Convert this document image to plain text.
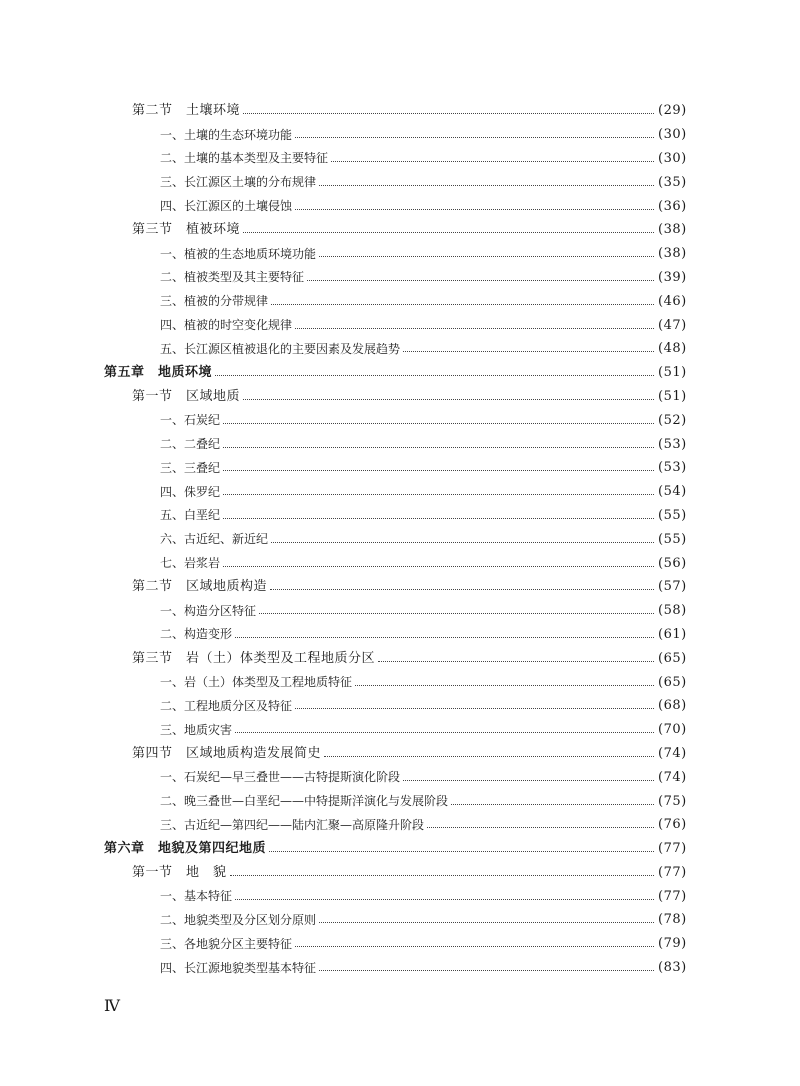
第二节　土壤环境	(29)
一、土壤的生态环境功能	(30)
二、土壤的基本类型及主要特征	(30)
三、长江源区土壤的分布规律	(35)
四、长江源区的土壤侵蚀	(36)
第三节　植被环境	(38)
一、植被的生态地质环境功能	(38)
二、植被类型及其主要特征	(39)
三、植被的分带规律	(46)
四、植被的时空变化规律	(47)
五、长江源区植被退化的主要因素及发展趋势	(48)
第五章　地质环境	(51)
第一节　区域地质	(51)
一、石炭纪	(52)
二、二叠纪	(53)
三、三叠纪	(53)
四、侏罗纪	(54)
五、白垩纪	(55)
六、古近纪、新近纪	(55)
七、岩浆岩	(56)
第二节　区域地质构造	(57)
一、构造分区特征	(58)
二、构造变形	(61)
第三节　岩（土）体类型及工程地质分区	(65)
一、岩（土）体类型及工程地质特征	(65)
二、工程地质分区及特征	(68)
三、地质灾害	(70)
第四节　区域地质构造发展简史	(74)
一、石炭纪—早三叠世——古特提斯演化阶段	(74)
二、晚三叠世—白垩纪——中特提斯洋演化与发展阶段	(75)
三、古近纪—第四纪——陆内汇聚—高原隆升阶段	(76)
第六章　地貌及第四纪地质	(77)
第一节　地　貌	(77)
一、基本特征	(77)
二、地貌类型及分区划分原则	(78)
三、各地貌分区主要特征	(79)
四、长江源地貌类型基本特征	(83)
Ⅳ
